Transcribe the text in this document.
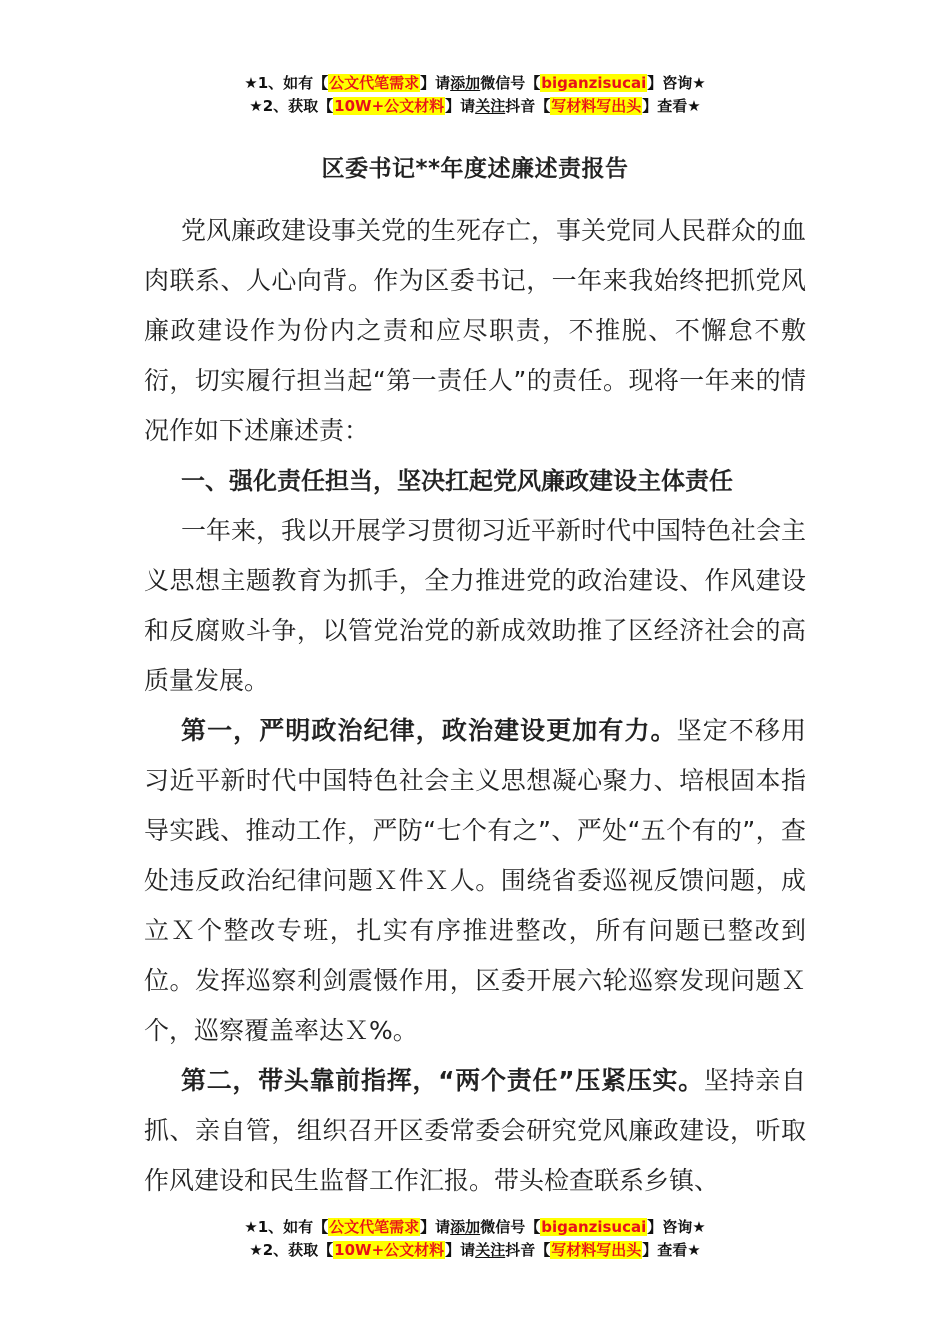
★1、如有【公文代笔需求】请添加微信号【biganzisucai】咨询★
★2、获取【10W+公文材料】请关注抖音【写材料写出头】查看★
区委书记**年度述廉述责报告

党风廉政建设事关党的生死存亡，事关党同人民群众的血肉联系、人心向背。作为区委书记，一年来我始终把抓党风廉政建设作为份内之责和应尽职责，不推脱、不懈怠不敷衍，切实履行担当起“第一责任人”的责任。现将一年来的情况作如下述廉述责：

一、强化责任担当，坚决扛起党风廉政建设主体责任

一年来，我以开展学习贯彻习近平新时代中国特色社会主义思想主题教育为抓手，全力推进党的政治建设、作风建设和反腐败斗争，以管党治党的新成效助推了区经济社会的高质量发展。

第一，严明政治纪律，政治建设更加有力。坚定不移用习近平新时代中国特色社会主义思想凝心聚力、培根固本指导实践、推动工作，严防“七个有之”、严处“五个有的”，查处违反政治纪律问题Ｘ件Ｘ人。围绕省委巡视反馈问题，成立Ｘ个整改专班，扎实有序推进整改，所有问题已整改到位。发挥巡察利剑震慑作用，区委开展六轮巡察发现问题Ｘ个，巡察覆盖率达Ｘ%。

第二，带头靠前指挥，“两个责任”压紧压实。坚持亲自抓、亲自管，组织召开区委常委会研究党风廉政建设，听取作风建设和民生监督工作汇报。带头检查联系乡镇、

★1、如有【公文代笔需求】请添加微信号【biganzisucai】咨询★
★2、获取【10W+公文材料】请关注抖音【写材料写出头】查看★
